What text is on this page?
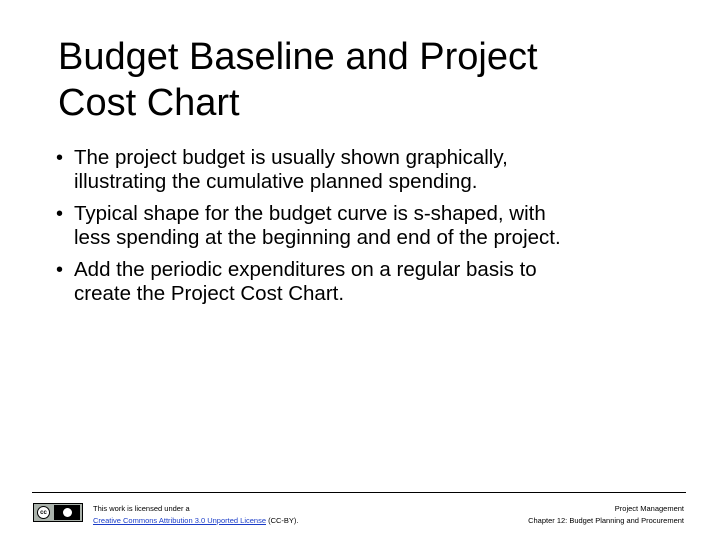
Budget Baseline and Project
Cost Chart
• The project budget is usually shown graphically,
illustrating the cumulative planned spending.
• Typical shape for the budget curve is s-shaped, with
less spending at the beginning and end of the project.
• Add the periodic expenditures on a regular basis to
create the Project Cost Chart.
cc	This work is licensed under a
Creative Commons Attribution 3.0 Unported License (CC-BY).
Project Management
Chapter 12: Budget Planning and Procurement
